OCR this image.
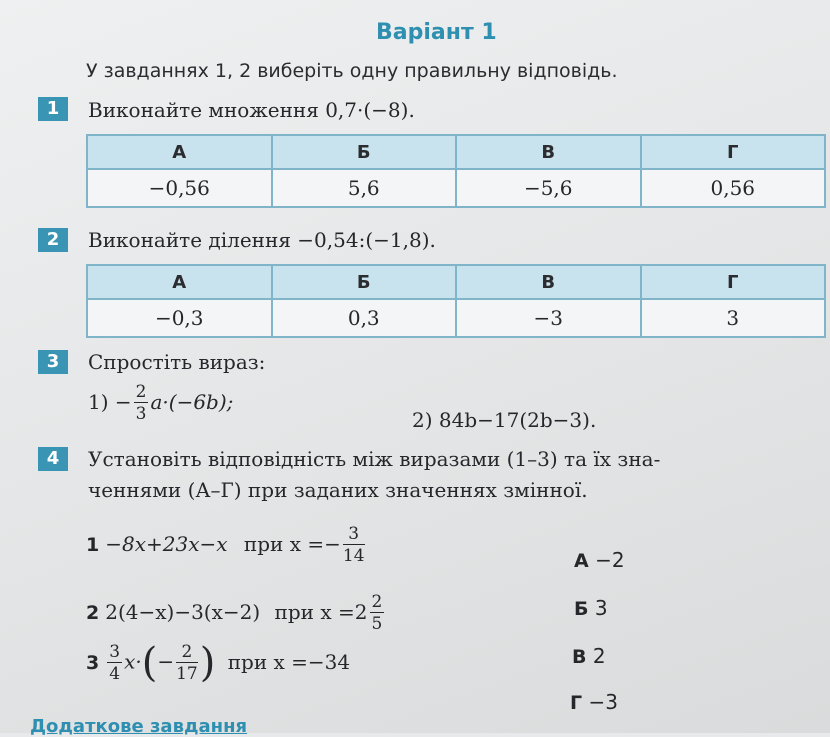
Варіант 1
У завданнях 1, 2 виберіть одну правильну відповідь.
1	Виконайте множення 0,7·(−8).
А	Б	В	Г
−0,56	5,6	−5,6	0,56
2	Виконайте ділення −0,54:(−1,8).
А	Б	В	Г
−0,3	0,3	−3	3
3	Спростіть вираз:
$1) - \frac{2}{3} a\cdot(-6b)$;
2) 84b−17(2b−3).
4	Установіть відповідність між виразами (1–3) та їх зна-
ченнями (А–Г) при заданих значеннях змінної.
1 −8x+23x−x при $x =- \frac{3}{14}$
2 2(4−x)−3(x−2) при $x =2 \frac{2}{5}$
$3 \frac{3}{4} x\cdot(- \frac{2}{17}$ ) при x =−34
А −2
Б 3
В 2
Г −3
Додаткове завдання
